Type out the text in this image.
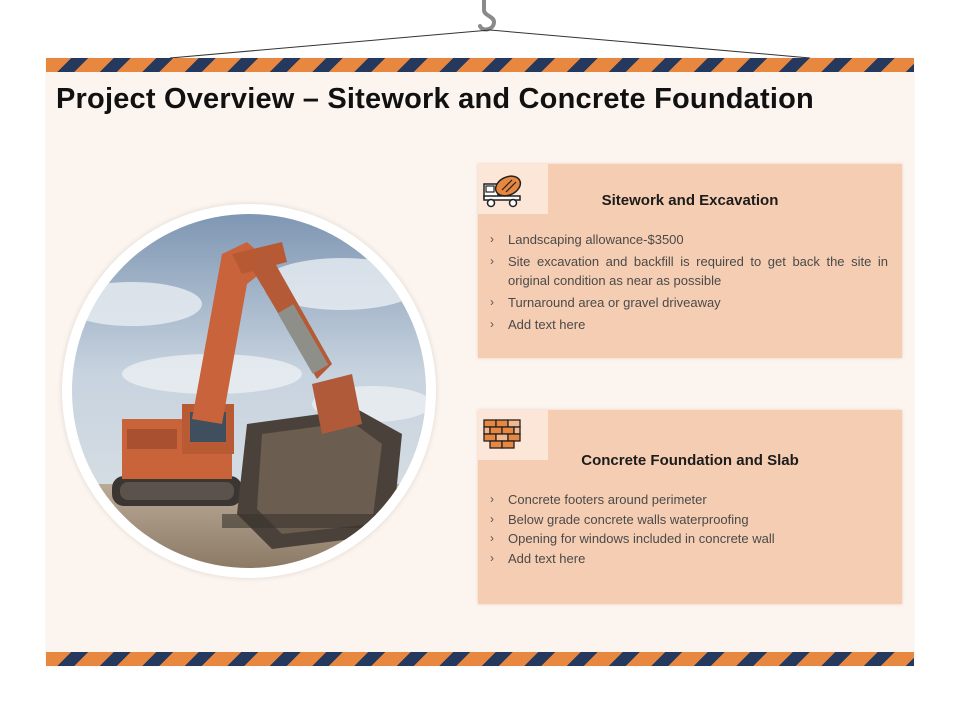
Project Overview – Sitework and Concrete Foundation
Sitework and Excavation
› Landscaping allowance-$3500
› Site excavation and backfill is required to get back the site in original condition as near as possible
› Turnaround area or gravel driveaway
› Add text here
Concrete Foundation and Slab
› Concrete footers around perimeter
› Below grade concrete walls waterproofing
› Opening for windows included in concrete wall
› Add text here
